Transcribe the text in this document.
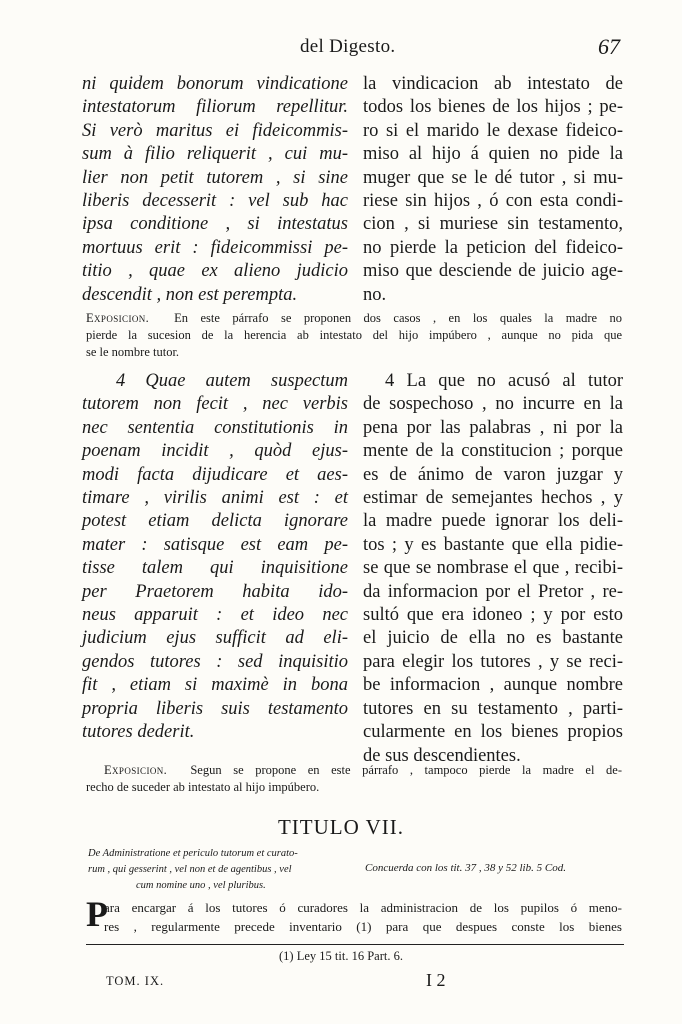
del Digesto.	67
ni quidem bonorum vindicatione
intestatorum filiorum repellitur.
Si verò maritus ei fideicommis-
sum à filio reliquerit , cui mu-
lier non petit tutorem , si sine
liberis decesserit : vel sub hac
ipsa conditione , si intestatus
mortuus erit : fideicommissi pe-
titio , quae ex alieno judicio
descendit , non est perempta.
la vindicacion ab intestato de
todos los bienes de los hijos ; pe-
ro si el marido le dexase fideico-
miso al hijo á quien no pide la
muger que se le dé tutor , si mu-
riese sin hijos , ó con esta condi-
cion , si muriese sin testamento,
no pierde la peticion del fideico-
miso que desciende de juicio age-
no.
Exposicion. En este párrafo se proponen dos casos , en los quales la madre no
pierde la sucesion de la herencia ab intestato del hijo impúbero , aunque no pida que
se le nombre tutor.
4 Quae autem suspectum
tutorem non fecit , nec verbis
nec sententia constitutionis in
poenam incidit , quòd ejus-
modi facta dijudicare et aes-
timare , virilis animi est : et
potest etiam delicta ignorare
mater : satisque est eam pe-
tisse talem qui inquisitione
per Praetorem habita ido-
neus apparuit : et ideo nec
judicium ejus sufficit ad eli-
gendos tutores : sed inquisitio
fit , etiam si maximè in bona
propria liberis suis testamento
tutores dederit.
4 La que no acusó al tutor
de sospechoso , no incurre en la
pena por las palabras , ni por la
mente de la constitucion ; porque
es de ánimo de varon juzgar y
estimar de semejantes hechos , y
la madre puede ignorar los deli-
tos ; y es bastante que ella pidie-
se que se nombrase el que , recibi-
da informacion por el Pretor , re-
sultó que era idoneo ; y por esto
el juicio de ella no es bastante
para elegir los tutores , y se reci-
be informacion , aunque nombre
tutores en su testamento , parti-
cularmente en los bienes propios
de sus descendientes.
Exposicion. Segun se propone en este párrafo , tampoco pierde la madre el de-
recho de suceder ab intestato al hijo impúbero.
TITULO VII.
De Administratione et periculo tutorum et curato-
rum , qui gesserint , vel non et de agentibus , vel
cum nomine uno , vel pluribus.
Concuerda con los tit. 37 , 38 y 52 lib. 5 Cod.
P
ara encargar á los tutores ó curadores la administracion de los pupilos ó meno-
res , regularmente precede inventario (1) para que despues conste los bienes
(1) Ley 15 tit. 16 Part. 6.
TOM. IX.	I 2
